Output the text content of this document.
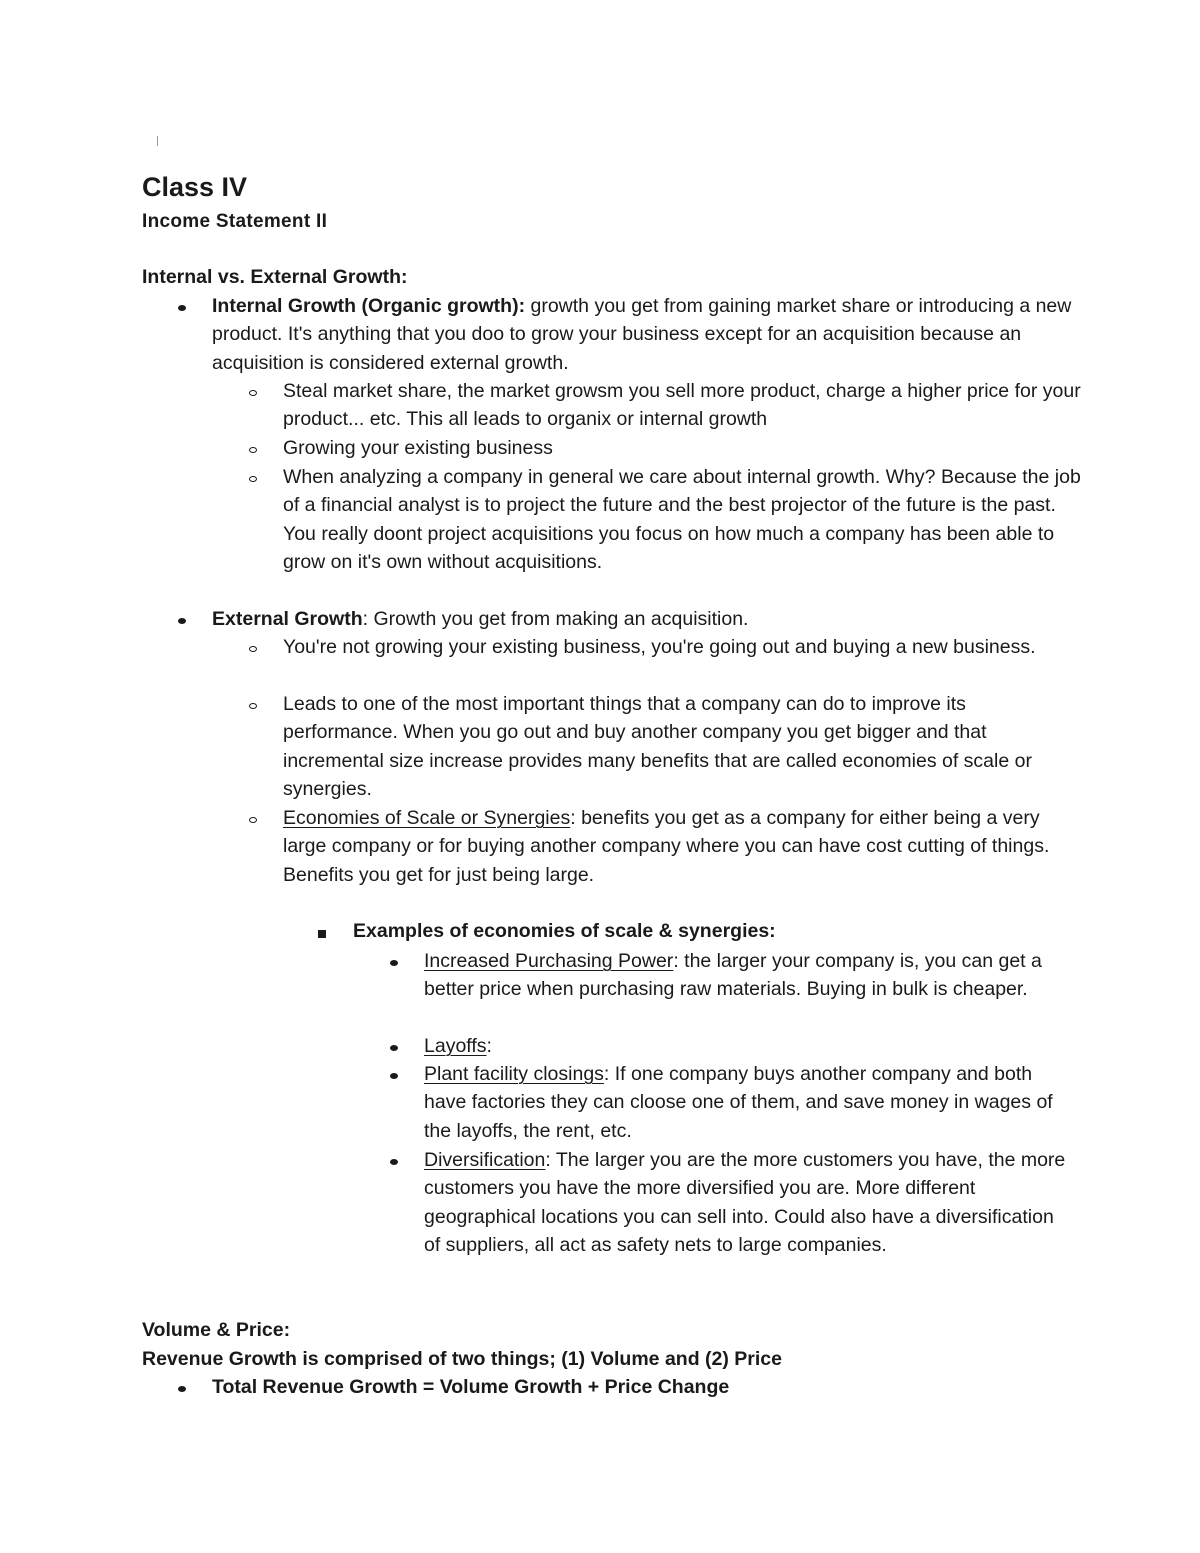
Class IV
Income Statement II
Internal vs. External Growth:
Internal Growth (Organic growth): growth you get from gaining market share or introducing a new product. It's anything that you doo to grow your business except for an acquisition because an acquisition is considered external growth.
Steal market share, the market growsm you sell more product, charge a higher price for your product... etc. This all leads to organix or internal growth
Growing your existing business
When analyzing a company in general we care about internal growth. Why? Because the job of a financial analyst is to project the future and the best projector of the future is the past. You really doont project acquisitions you focus on how much a company has been able to grow on it's own without acquisitions.
External Growth: Growth you get from making an acquisition.
You're not growing your existing business, you're going out and buying a new business.
Leads to one of the most important things that a company can do to improve its performance. When you go out and buy another company you get bigger and that incremental size increase provides many benefits that are called economies of scale or synergies.
Economies of Scale or Synergies: benefits you get as a company for either being a very large company or for buying another company where you can have cost cutting of things. Benefits you get for just being large.
Examples of economies of scale & synergies:
Increased Purchasing Power: the larger your company is, you can get a better price when purchasing raw materials. Buying in bulk is cheaper.
Layoffs:
Plant facility closings: If one company buys another company and both have factories they can cloose one of them, and save money in wages of the layoffs, the rent, etc.
Diversification: The larger you are the more customers you have, the more customers you have the more diversified you are. More different geographical locations you can sell into. Could also have a diversification of suppliers, all act as safety nets to large companies.
Volume & Price:
Revenue Growth is comprised of two things; (1) Volume and (2) Price
Total Revenue Growth = Volume Growth + Price Change
